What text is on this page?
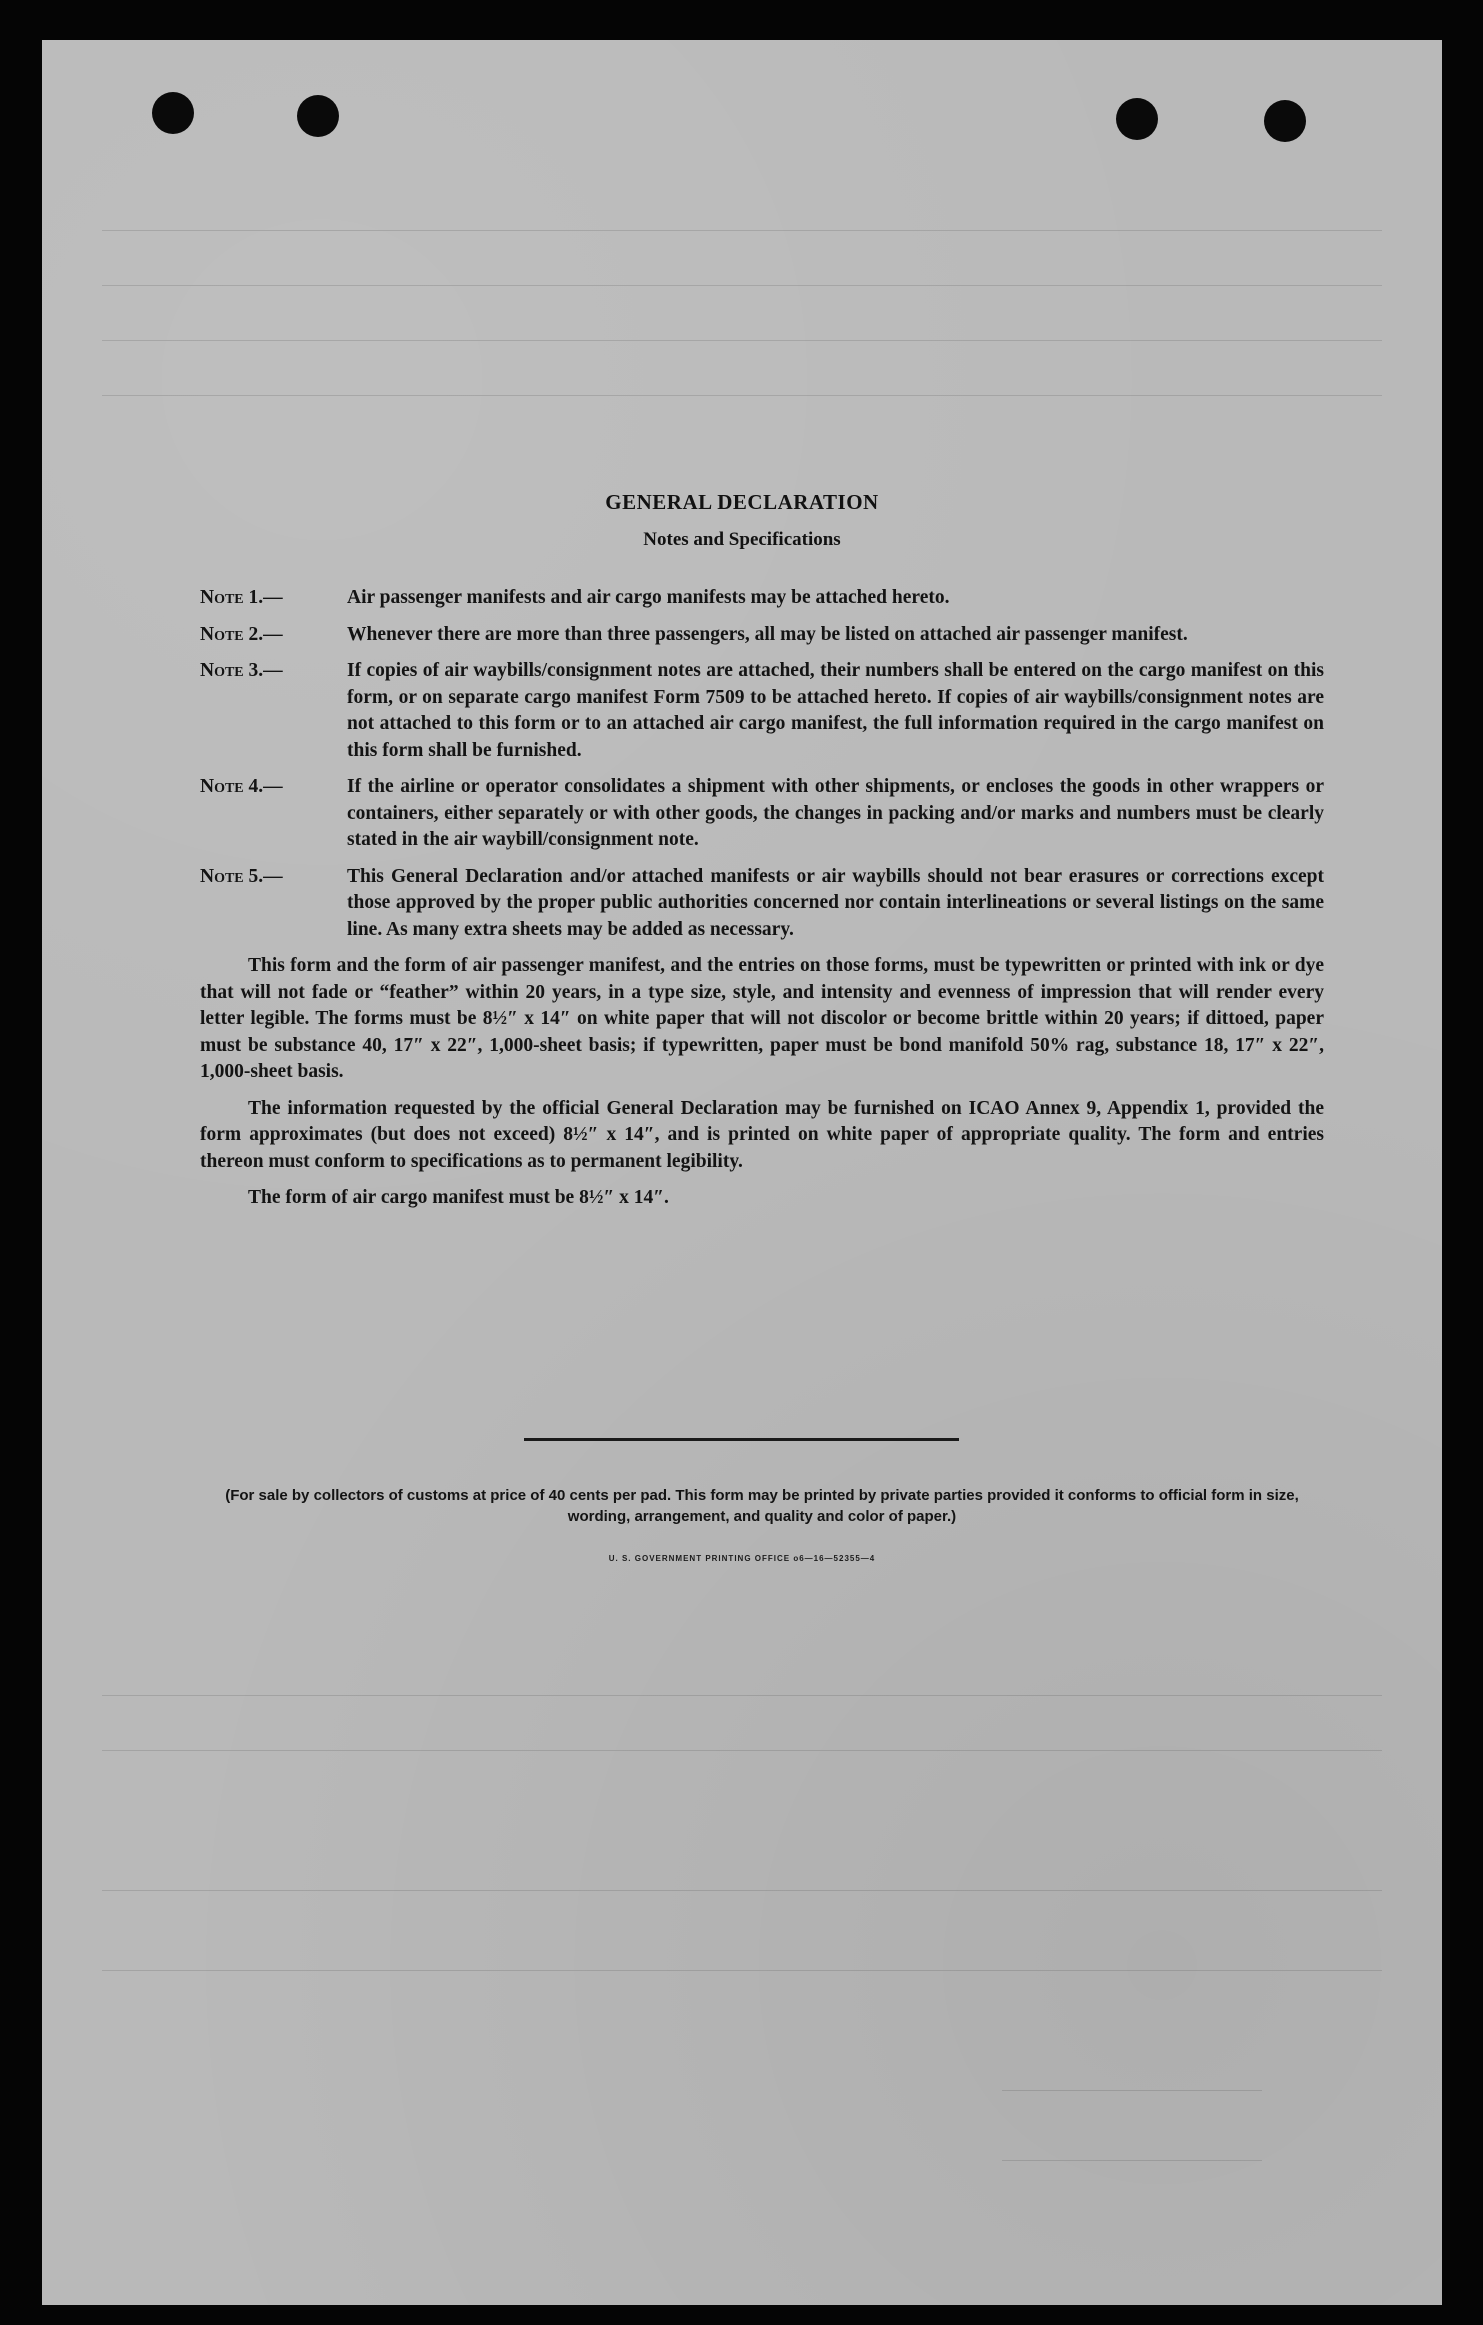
GENERAL DECLARATION
Notes and Specifications
Note 1.—	Air passenger manifests and air cargo manifests may be attached hereto.
Note 2.—	Whenever there are more than three passengers, all may be listed on attached air passenger manifest.
Note 3.—	If copies of air waybills/consignment notes are attached, their numbers shall be entered on the cargo manifest on this form, or on separate cargo manifest Form 7509 to be attached hereto. If copies of air waybills/consignment notes are not attached to this form or to an attached air cargo manifest, the full information required in the cargo manifest on this form shall be furnished.
Note 4.—	If the airline or operator consolidates a shipment with other shipments, or encloses the goods in other wrappers or containers, either separately or with other goods, the changes in packing and/or marks and numbers must be clearly stated in the air waybill/consignment note.
Note 5.—	This General Declaration and/or attached manifests or air waybills should not bear erasures or corrections except those approved by the proper public authorities concerned nor contain interlineations or several listings on the same line. As many extra sheets may be added as necessary.
This form and the form of air passenger manifest, and the entries on those forms, must be typewritten or printed with ink or dye that will not fade or “feather” within 20 years, in a type size, style, and intensity and evenness of impression that will render every letter legible. The forms must be 8½″ x 14″ on white paper that will not discolor or become brittle within 20 years; if dittoed, paper must be substance 40, 17″ x 22″, 1,000-sheet basis; if typewritten, paper must be bond manifold 50% rag, substance 18, 17″ x 22″, 1,000-sheet basis.
The information requested by the official General Declaration may be furnished on ICAO Annex 9, Appendix 1, provided the form approximates (but does not exceed) 8½″ x 14″, and is printed on white paper of appropriate quality. The form and entries thereon must conform to specifications as to permanent legibility.
The form of air cargo manifest must be 8½″ x 14″.
(For sale by collectors of customs at price of 40 cents per pad. This form may be printed by private parties provided it conforms to official form in size, wording, arrangement, and quality and color of paper.)
U. S. GOVERNMENT PRINTING OFFICE o6—16—52355—4
